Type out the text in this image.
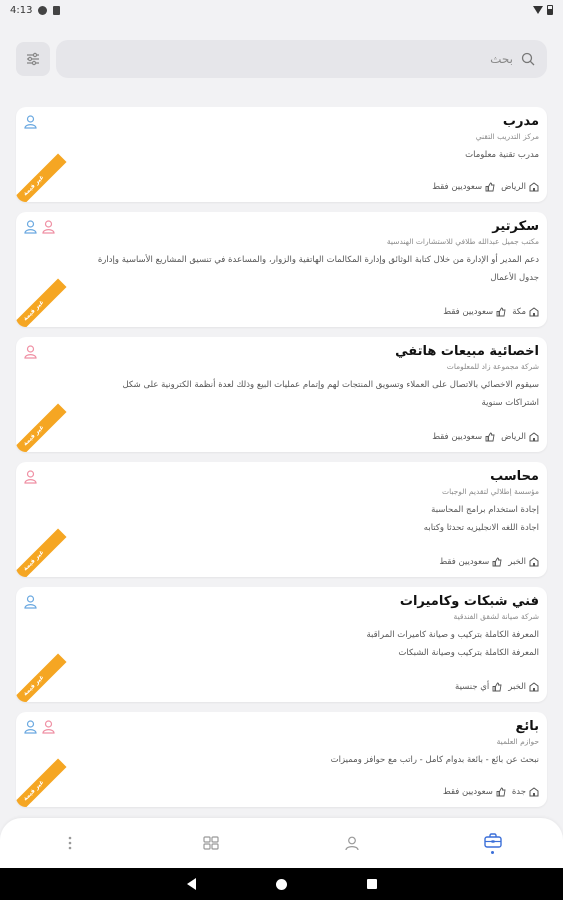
4:13
بحث
مدرب
مركز التدريب التقني
مدرب تقنية معلومات
الرياض
سعوديين فقط
غير قيمة
سكرتير
مكتب جميل عبدالله طلافي للاستشارات الهندسية
دعم المدير أو الإدارة من خلال كتابة الوثائق وإدارة المكالمات الهاتفية والزوار، والمساعدة في تنسيق المشاريع الأساسية وإدارة
جدول الأعمال
مكة
سعوديين فقط
غير قيمة
اخصائية مبيعات هاتفي
شركة مجموعة زاد للمعلومات
سيقوم الاخصائي بالاتصال على العملاء وتسويق المنتجات لهم وإتمام عمليات البيع وذلك لعدة أنظمة الكترونية على شكل
اشتراكات سنوية
الرياض
سعوديين فقط
غير قيمة
محاسب
مؤسسة إطلالي لتقديم الوجبات
إجادة استخدام برامج المحاسبة
اجادة اللغه الانجليزيه تحدثا وكتابه
الخبر
سعوديين فقط
غير قيمة
فني شبكات وكاميرات
شركة صيانة لشقق الفندقية
المعرفة الكاملة بتركيب و صيانة كاميرات المراقبة
المعرفة الكاملة بتركيب وصيانة الشبكات
الخبر
أي جنسية
غير قيمة
بائع
حوازم العلمية
نبحث عن بائع - بائعة بدوام كامل - راتب مع حوافز ومميزات
جدة
سعوديين فقط
غير قيمة
